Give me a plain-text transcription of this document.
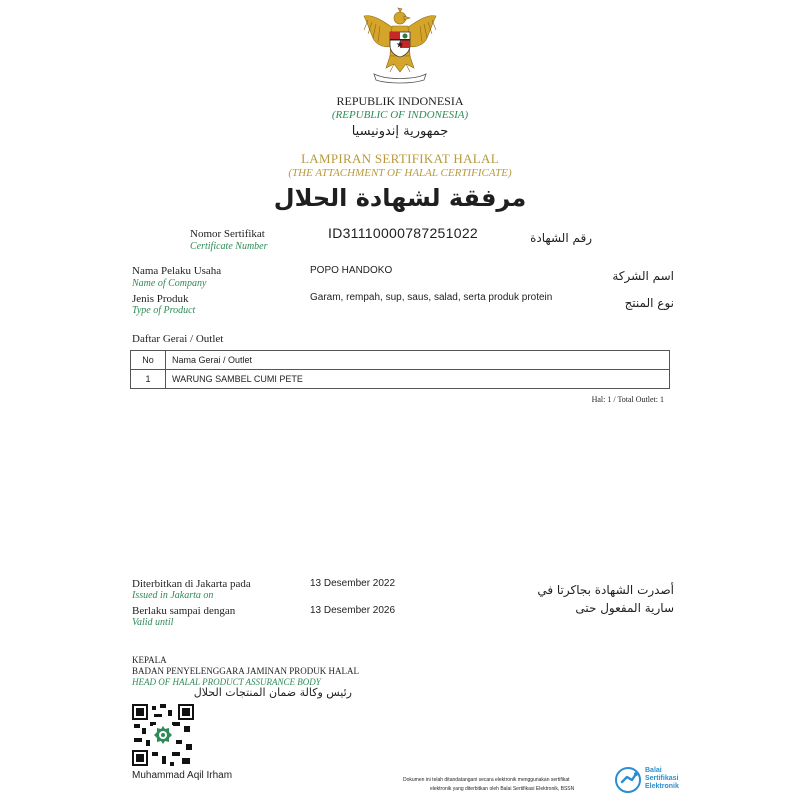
REPUBLIK INDONESIA
(REPUBLIC OF INDONESIA)
جمهورية إندونيسيا
LAMPIRAN SERTIFIKAT HALAL
(THE ATTACHMENT OF HALAL CERTIFICATE)
مرفقة لشهادة الحلال
Nomor Sertifikat
Certificate Number
ID31110000787251022	رقم الشهادة
Nama Pelaku Usaha
Name of Company
POPO HANDOKO	اسم الشركة
Jenis Produk
Type of Product
Garam, rempah, sup, saus, salad, serta produk protein	نوع المنتج
Daftar Gerai / Outlet
No	Nama Gerai / Outlet
1	WARUNG SAMBEL CUMI PETE
Hal: 1 / Total Outlet: 1
Diterbitkan di Jakarta pada
Issued in Jakarta on
13 Desember 2022	أصدرت الشهادة بجاكرتا في
Berlaku sampai dengan
Valid until
13 Desember 2026	سارية المفعول حتى
KEPALA
BADAN PENYELENGGARA JAMINAN PRODUK HALAL
HEAD OF HALAL PRODUCT ASSURANCE BODY
رئيس وكالة ضمان المنتجات الحلال
Muhammad Aqil Irham	Dokumen ini telah ditandatangani secara elektronik menggunakan sertifikat
elektronik yang diterbitkan oleh Balai Sertifikasi Elektronik, BSSN
Balai
Sertifikasi
Elektronik
